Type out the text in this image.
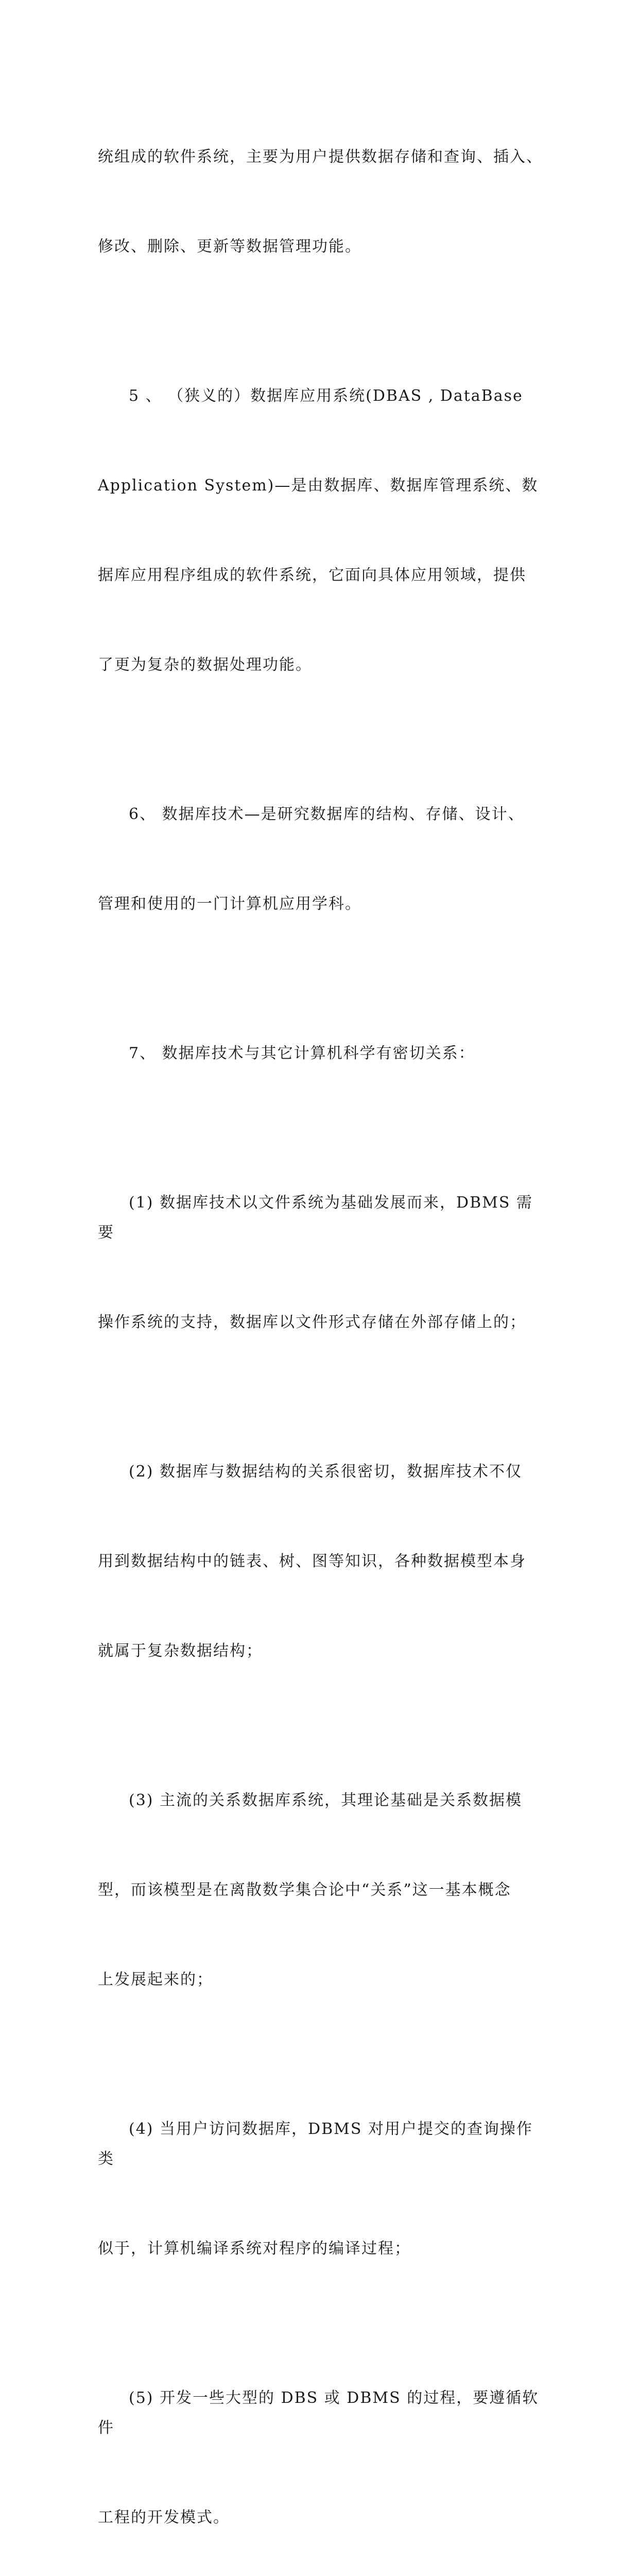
统组成的软件系统，主要为用户提供数据存储和查询、插入、

修改、删除、更新等数据管理功能。

5 、 （狭义的）数据库应用系统(DBAS , DataBase

Application System)—是由数据库、数据库管理系统、数

据库应用程序组成的软件系统，它面向具体应用领域，提供

了更为复杂的数据处理功能。

6、 数据库技术—是研究数据库的结构、存储、设计、

管理和使用的一门计算机应用学科。

7、 数据库技术与其它计算机科学有密切关系：

(1) 数据库技术以文件系统为基础发展而来，DBMS 需要

操作系统的支持，数据库以文件形式存储在外部存储上的；

(2) 数据库与数据结构的关系很密切，数据库技术不仅

用到数据结构中的链表、树、图等知识，各种数据模型本身

就属于复杂数据结构；

(3) 主流的关系数据库系统，其理论基础是关系数据模

型，而该模型是在离散数学集合论中“关系”这一基本概念

上发展起来的；

(4) 当用户访问数据库，DBMS 对用户提交的查询操作类

似于，计算机编译系统对程序的编译过程；

(5) 开发一些大型的 DBS 或 DBMS 的过程，要遵循软件

工程的开发模式。
